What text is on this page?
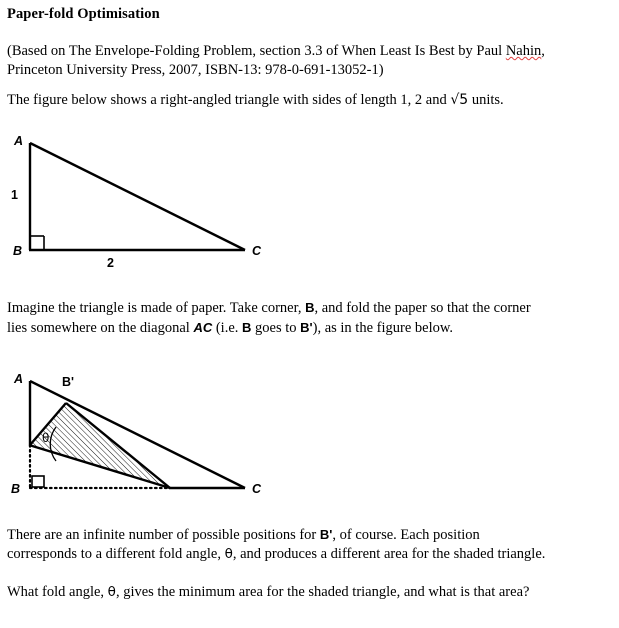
Paper-fold Optimisation
(Based on The Envelope-Folding Problem, section 3.3 of When Least Is Best by Paul Nahin,
Princeton University Press, 2007, ISBN-13: 978-0-691-13052-1)
The figure below shows a right-angled triangle with sides of length 1, 2 and √5 units.
A
B	C
1
2
Imagine the triangle is made of paper. Take corner, B, and fold the paper so that the corner
lies somewhere on the diagonal AC (i.e. B goes to B'), as in the figure below.
A
B	C
B'
θ
There are an infinite number of possible positions for B', of course. Each position
corresponds to a different fold angle, θ, and produces a different area for the shaded triangle.
What fold angle, θ, gives the minimum area for the shaded triangle, and what is that area?
